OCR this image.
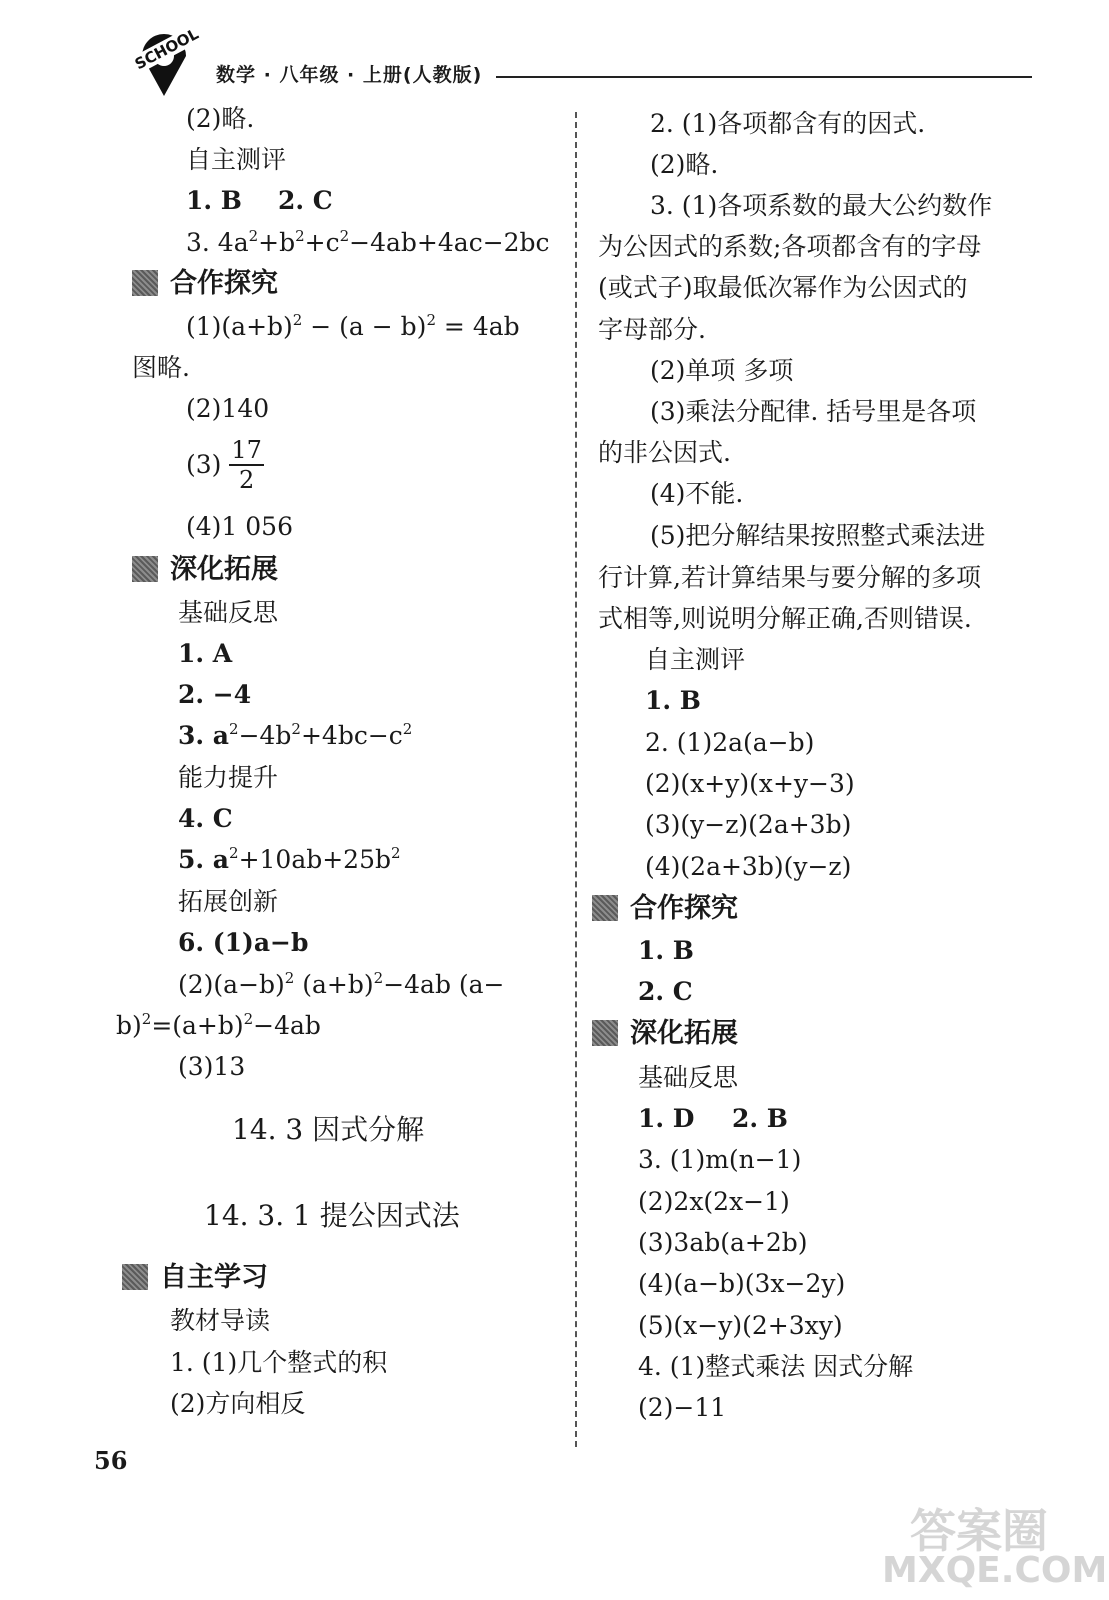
SCHOOL
数学 · 八年级 · 上册(人教版)
(2)略.
自主测评
1. B 2. C
3. $4a^2+b^2+c^2-4ab+4ac-2bc$
合作探究
$(1)(a+b)^2 - (a - b)^2 = 4ab$
图略.
(2)140
$(3) \frac{17}{2}$
(4)1 056
深化拓展
基础反思
1. A
2. −4
3. $a^2-4b^2+4bc-c^2$
能力提升
4. C
5. $a^2+10ab+25b^2$
拓展创新
6. (1)a−b
$(2)(a-b)^2$ $(a+b)^2-4ab$ (a−
$b)^2=(a+b)^2-4ab$
(3)13
14. 3 因式分解
14. 3. 1 提公因式法
自主学习
教材导读
1. (1)几个整式的积
(2)方向相反
2. (1)各项都含有的因式.
(2)略.
3. (1)各项系数的最大公约数作
为公因式的系数;各项都含有的字母
(或式子)取最低次幂作为公因式的
字母部分.
(2)单项 多项
(3)乘法分配律. 括号里是各项
的非公因式.
(4)不能.
(5)把分解结果按照整式乘法进
行计算,若计算结果与要分解的多项
式相等,则说明分解正确,否则错误.
自主测评
1. B
2. (1)2a(a−b)
(2)(x+y)(x+y−3)
(3)(y−z)(2a+3b)
(4)(2a+3b)(y−z)
合作探究
1. B
2. C
深化拓展
基础反思
1. D 2. B
3. (1)m(n−1)
(2)2x(2x−1)
(3)3ab(a+2b)
(4)(a−b)(3x−2y)
(5)(x−y)(2+3xy)
4. (1)整式乘法 因式分解
(2)−11
56
答案圈
MXQE.COM
